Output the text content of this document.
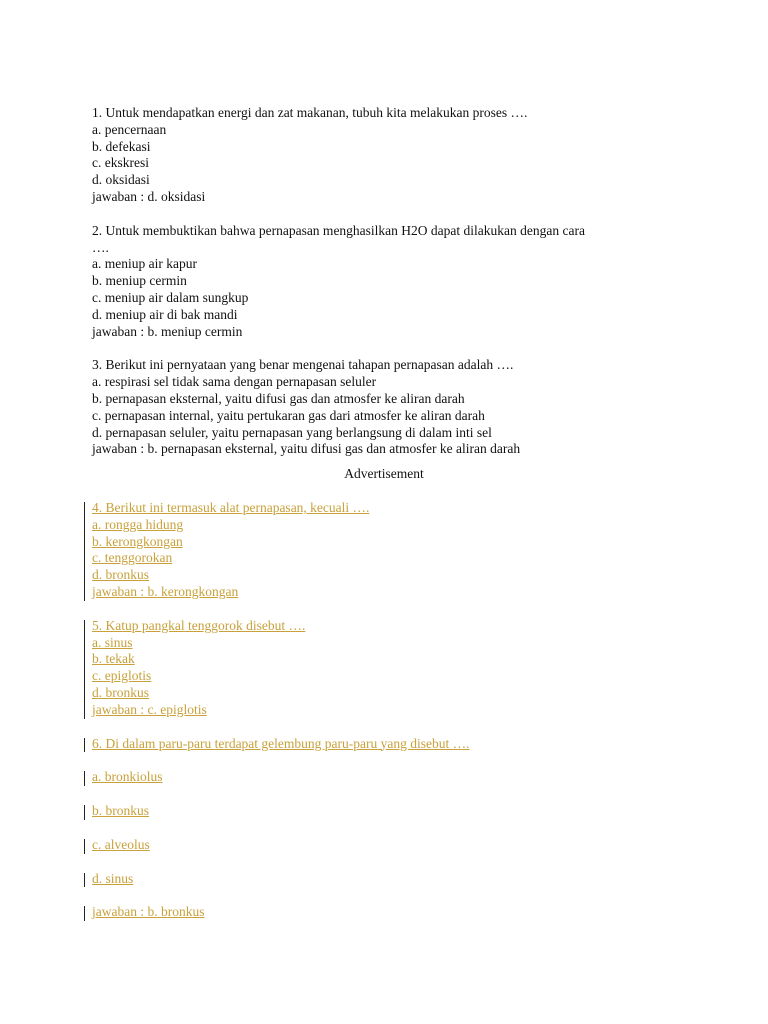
1. Untuk mendapatkan energi dan zat makanan, tubuh kita melakukan proses ….
a. pencernaan
b. defekasi
c. ekskresi
d. oksidasi
jawaban : d. oksidasi
2. Untuk membuktikan bahwa pernapasan menghasilkan H2O dapat dilakukan dengan cara
….
a. meniup air kapur
b. meniup cermin
c. meniup air dalam sungkup
d. meniup air di bak mandi
jawaban : b. meniup cermin
3. Berikut ini pernyataan yang benar mengenai tahapan pernapasan adalah ….
a. respirasi sel tidak sama dengan pernapasan seluler
b. pernapasan eksternal, yaitu difusi gas dan atmosfer ke aliran darah
c. pernapasan internal, yaitu pertukaran gas dari atmosfer ke aliran darah
d. pernapasan seluler, yaitu pernapasan yang berlangsung di dalam inti sel
jawaban : b. pernapasan eksternal, yaitu difusi gas dan atmosfer ke aliran darah
Advertisement
4. Berikut ini termasuk alat pernapasan, kecuali ….
a. rongga hidung
b. kerongkongan
c. tenggorokan
d. bronkus
jawaban : b. kerongkongan
5. Katup pangkal tenggorok disebut ….
a. sinus
b. tekak
c. epiglotis
d. bronkus
jawaban : c. epiglotis
6. Di dalam paru-paru terdapat gelembung paru-paru yang disebut ….
a. bronkiolus
b. bronkus
c. alveolus
d. sinus
jawaban : b. bronkus
